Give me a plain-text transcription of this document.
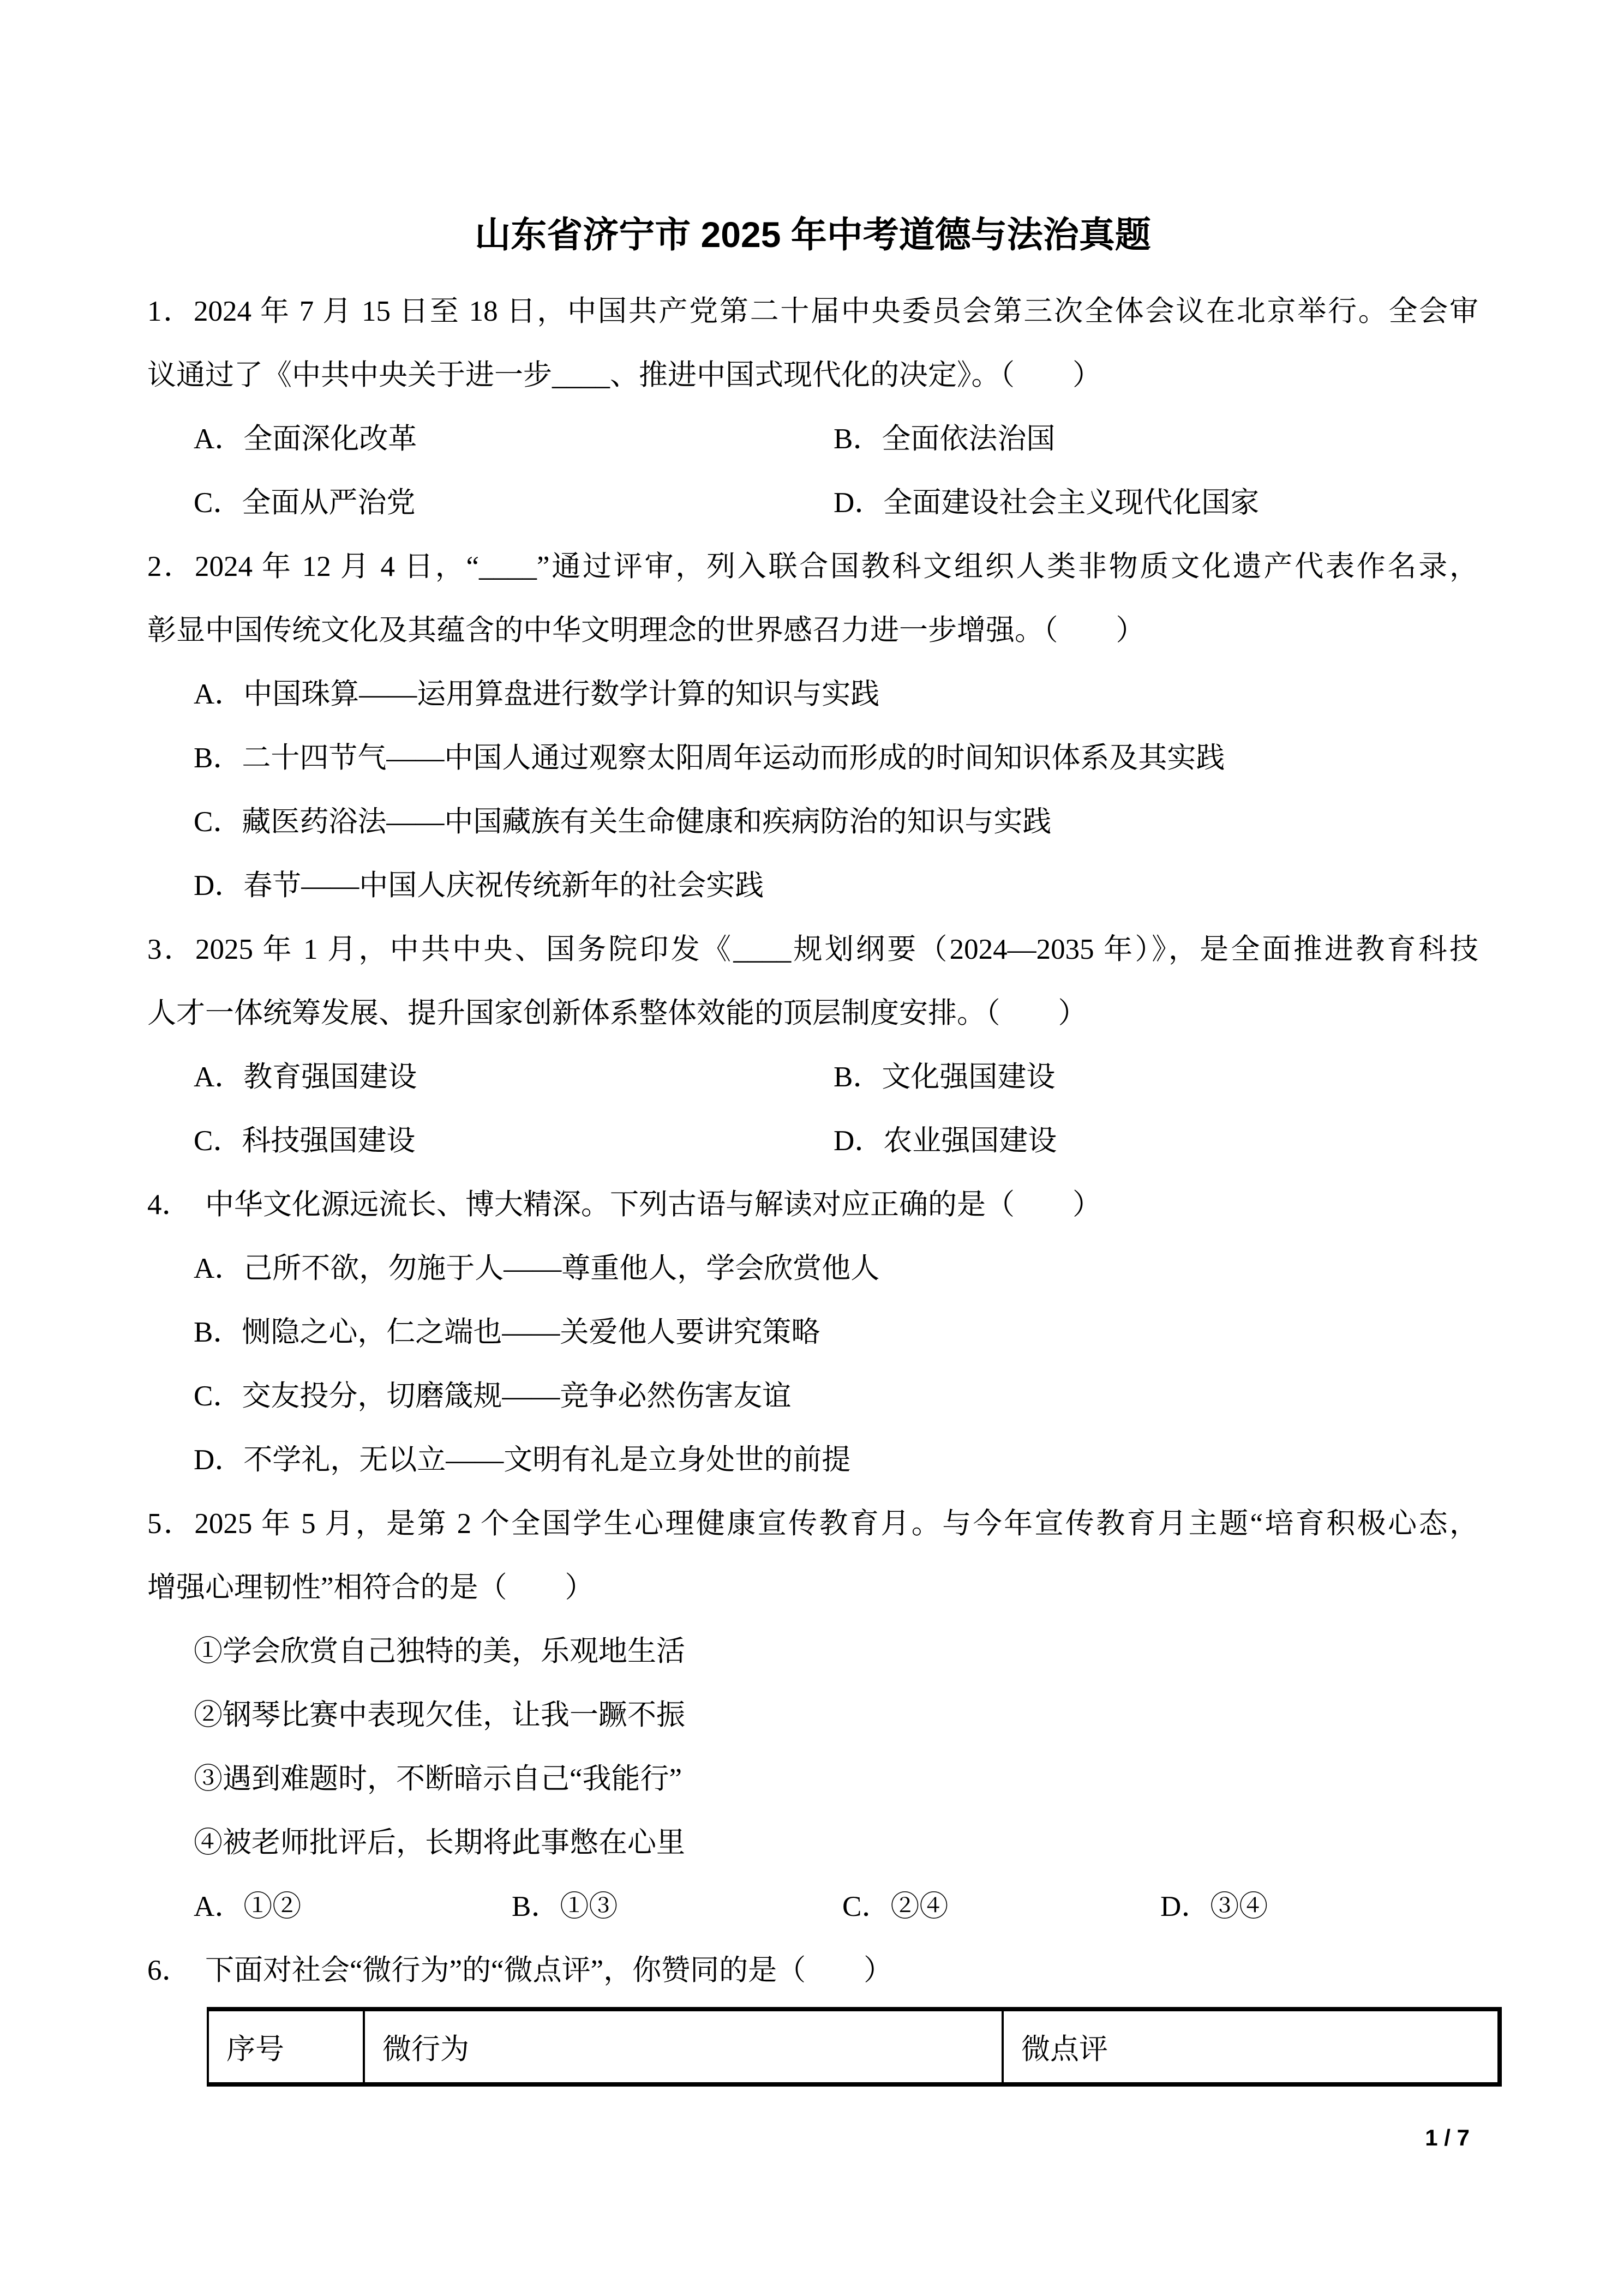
山东省济宁市 2025 年中考道德与法治真题
1．2024 年 7 月 15 日至 18 日，中国共产党第二十届中央委员会第三次全体会议在北京举行。全会审
议通过了《中共中央关于进一步____、推进中国式现代化的决定》。（　　）
A．全面深化改革	B．全面依法治国
C．全面从严治党	D．全面建设社会主义现代化国家
2．2024 年 12 月 4 日，“____”通过评审，列入联合国教科文组织人类非物质文化遗产代表作名录，
彰显中国传统文化及其蕴含的中华文明理念的世界感召力进一步增强。（　　）
A．中国珠算——运用算盘进行数学计算的知识与实践
B．二十四节气——中国人通过观察太阳周年运动而形成的时间知识体系及其实践
C．藏医药浴法——中国藏族有关生命健康和疾病防治的知识与实践
D．春节——中国人庆祝传统新年的社会实践
3．2025 年 1 月，中共中央、国务院印发《____规划纲要（2024—2035 年）》，是全面推进教育科技
人才一体统筹发展、提升国家创新体系整体效能的顶层制度安排。（　　）
A．教育强国建设	B．文化强国建设
C．科技强国建设	D．农业强国建设
4．　中华文化源远流长、博大精深。下列古语与解读对应正确的是（　　）
A．己所不欲，勿施于人——尊重他人，学会欣赏他人
B．恻隐之心，仁之端也——关爱他人要讲究策略
C．交友投分，切磨箴规——竞争必然伤害友谊
D．不学礼，无以立——文明有礼是立身处世的前提
5．2025 年 5 月，是第 2 个全国学生心理健康宣传教育月。与今年宣传教育月主题“培育积极心态，
增强心理韧性”相符合的是（　　）
①学会欣赏自己独特的美，乐观地生活
②钢琴比赛中表现欠佳，让我一蹶不振
③遇到难题时，不断暗示自己“我能行”
④被老师批评后，长期将此事憋在心里
A．①②	B．①③	C．②④	D．③④
6．　下面对社会“微行为”的“微点评”，你赞同的是（　　）
序号	微行为	微点评
1 / 7
